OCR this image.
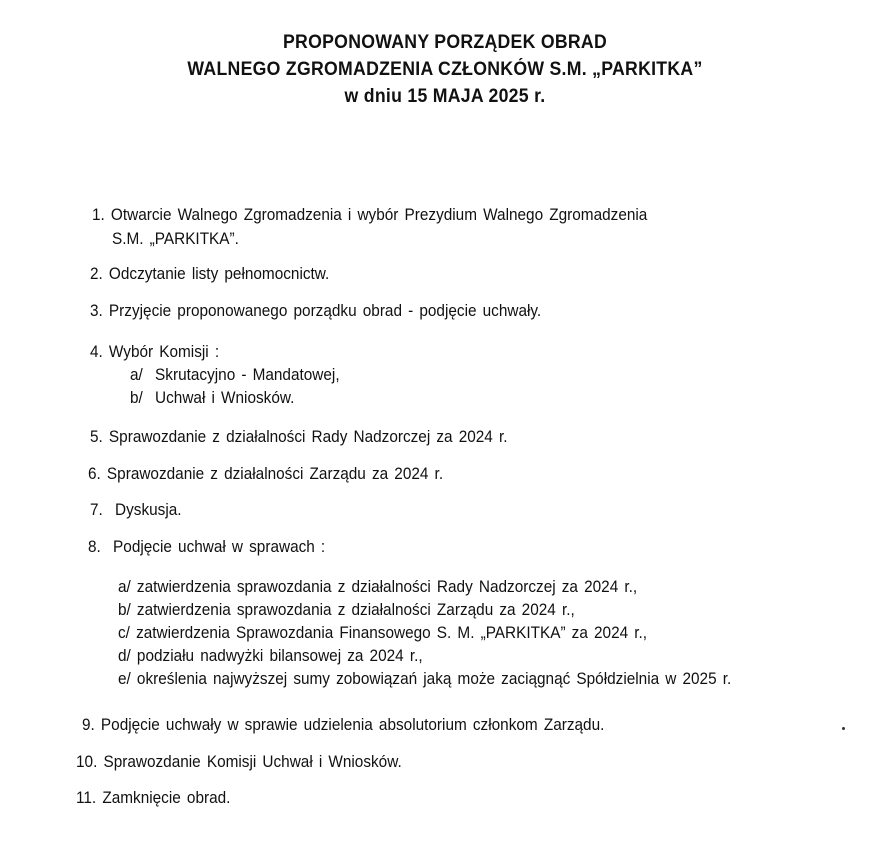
PROPONOWANY PORZĄDEK OBRAD
WALNEGO ZGROMADZENIA CZŁONKÓW S.M. „PARKITKA”
w dniu 15 MAJA 2025 r.
1. Otwarcie Walnego Zgromadzenia i wybór Prezydium Walnego Zgromadzenia
S.M. „PARKITKA”.
2. Odczytanie listy pełnomocnictw.
3. Przyjęcie proponowanego porządku obrad - podjęcie uchwały.
4. Wybór Komisji :
a/ Skrutacyjno - Mandatowej,
b/ Uchwał i Wniosków.
5. Sprawozdanie z działalności Rady Nadzorczej za 2024 r.
6. Sprawozdanie z działalności Zarządu za 2024 r.
7. Dyskusja.
8. Podjęcie uchwał w sprawach :
a/ zatwierdzenia sprawozdania z działalności Rady Nadzorczej za 2024 r.,
b/ zatwierdzenia sprawozdania z działalności Zarządu za 2024 r.,
c/ zatwierdzenia Sprawozdania Finansowego S. M. „PARKITKA” za 2024 r.,
d/ podziału nadwyżki bilansowej za 2024 r.,
e/ określenia najwyższej sumy zobowiązań jaką może zaciągnąć Spółdzielnia w 2025 r.
9. Podjęcie uchwały w sprawie udzielenia absolutorium członkom Zarządu.
10. Sprawozdanie Komisji Uchwał i Wniosków.
11. Zamknięcie obrad.
